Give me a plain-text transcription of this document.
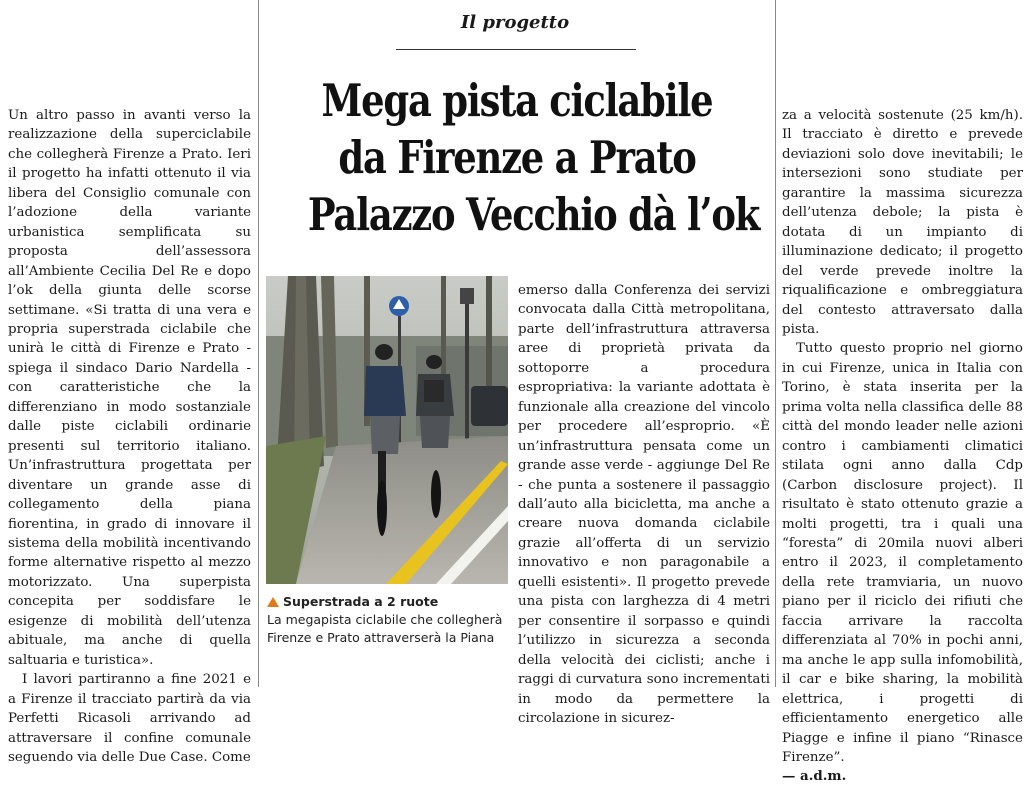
Il progetto
Mega pista ciclabile
da Firenze a Prato
Palazzo Vecchio dà l’ok

Un altro passo in avanti verso la realizzazione della superciclabile che collegherà Firenze a Prato. Ieri il progetto ha infatti ottenuto il via libera del Consiglio comunale con l’adozione della variante urbanistica semplificata su proposta dell’assessora all’Ambiente Cecilia Del Re e dopo l’ok della giunta delle scorse settimane. «Si tratta di una vera e propria superstrada ciclabile che unirà le città di Firenze e Prato - spiega il sindaco Dario Nardella - con caratteristiche che la differenziano in modo sostanziale dalle piste ciclabili ordinarie presenti sul territorio italiano. Un’infrastruttura progettata per diventare un grande asse di collegamento della piana fiorentina, in grado di innovare il sistema della mobilità incentivando forme alternative rispetto al mezzo motorizzato. Una superpista concepita per soddisfare le esigenze di mobilità dell’utenza abituale, ma anche di quella saltuaria e turistica».

I lavori partiranno a fine 2021 e a Firenze il tracciato partirà da via Perfetti Ricasoli arrivando ad attraversare il confine comunale seguendo via delle Due Case. Come

Superstrada a 2 ruote
La megapista ciclabile che collegherà Firenze e Prato attraverserà la Piana

emerso dalla Conferenza dei servizi convocata dalla Città metropolitana, parte dell’infrastruttura attraversa aree di proprietà privata da sottoporre a procedura espropriativa: la variante adottata è funzionale alla creazione del vincolo per procedere all’esproprio. «È un’infrastruttura pensata come un grande asse verde - aggiunge Del Re - che punta a sostenere il passaggio dall’auto alla bicicletta, ma anche a creare nuova domanda ciclabile grazie all’offerta di un servizio innovativo e non paragonabile a quelli esistenti». Il progetto prevede una pista con larghezza di 4 metri per consentire il sorpasso e quindi l’utilizzo in sicurezza a seconda della velocità dei ciclisti; anche i raggi di curvatura sono incrementati in modo da permettere la circolazione in sicurez-

za a velocità sostenute (25 km/h). Il tracciato è diretto e prevede deviazioni solo dove inevitabili; le intersezioni sono studiate per garantire la massima sicurezza dell’utenza debole; la pista è dotata di un impianto di illuminazione dedicato; il progetto del verde prevede inoltre la riqualificazione e ombreggiatura del contesto attraversato dalla pista.

Tutto questo proprio nel giorno in cui Firenze, unica in Italia con Torino, è stata inserita per la prima volta nella classifica delle 88 città del mondo leader nelle azioni contro i cambiamenti climatici stilata ogni anno dalla Cdp (Carbon disclosure project). Il risultato è stato ottenuto grazie a molti progetti, tra i quali una “foresta” di 20mila nuovi alberi entro il 2023, il completamento della rete tramviaria, un nuovo piano per il riciclo dei rifiuti che faccia arrivare la raccolta differenziata al 70% in pochi anni, ma anche le app sulla infomobilità, il car e bike sharing, la mobilità elettrica, i progetti di efficientamento energetico alle Piagge e infine il piano “Rinasce Firenze”.

— a.d.m.
